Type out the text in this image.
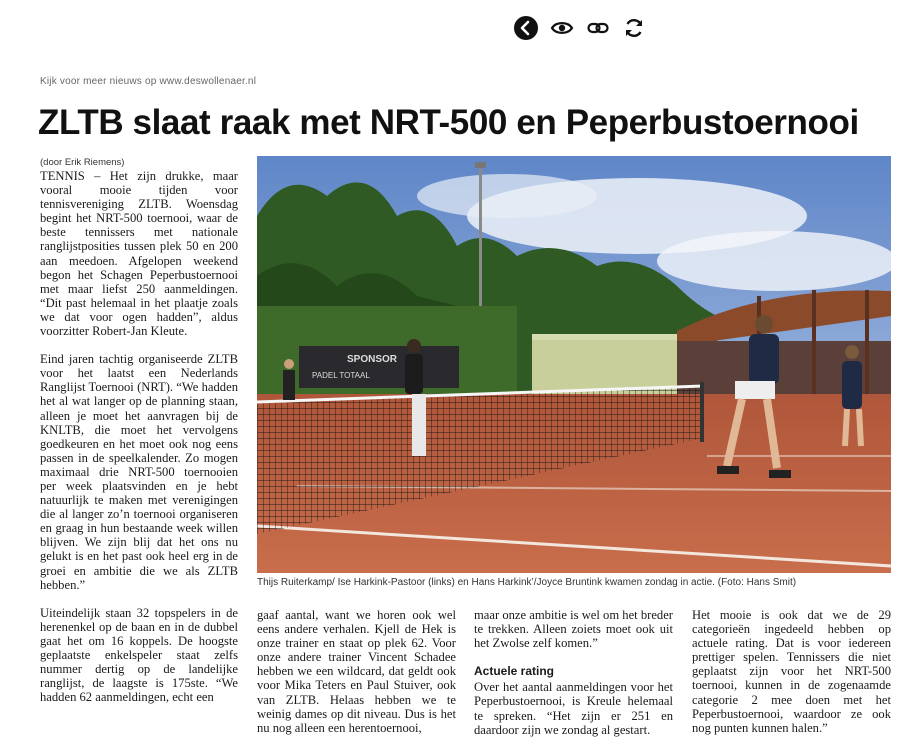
Kijk voor meer nieuws op www.deswollenaer.nl
ZLTB slaat raak met NRT-500 en Peperbustoernooi
(door Erik Riemens)

TENNIS – Het zijn drukke, maar vooral mooie tijden voor tennisvereniging ZLTB. Woensdag begint het NRT-500 toernooi, waar de beste tennissers met nationale ranglijstposities tussen plek 50 en 200 aan meedoen. Afgelopen weekend begon het Schagen Peperbustoernooi met maar liefst 250 aanmeldingen. “Dit past helemaal in het plaatje zoals we dat voor ogen hadden”, aldus voorzitter Robert-Jan Kleute.

Eind jaren tachtig organiseerde ZLTB voor het laatst een Nederlands Ranglijst Toernooi (NRT). “We hadden het al wat langer op de planning staan, alleen je moet het aanvragen bij de KNLTB, die moet het vervolgens goedkeuren en het moet ook nog eens passen in de speelkalender. Zo mogen maximaal drie NRT-500 toernooien per week plaatsvinden en je hebt natuurlijk te maken met verenigingen die al langer zo’n toernooi organiseren en graag in hun bestaande week willen blijven. We zijn blij dat het ons nu gelukt is en het past ook heel erg in de groei en ambitie die we als ZLTB hebben.”

Uiteindelijk staan 32 topspelers in de herenenkel op de baan en in de dubbel gaat het om 16 koppels. De hoogste geplaatste enkelspeler staat zelfs nummer dertig op de landelijke ranglijst, de laagste is 175ste. “We hadden 62 aanmeldingen, echt een

SPONSOR
PADEL TOTAAL
Thijs Ruiterkamp/ Ise Harkink-Pastoor (links) en Hans Harkink’/Joyce Bruntink kwamen zondag in actie. (Foto: Hans Smit)

gaaf aantal, want we horen ook wel eens andere verhalen. Kjell de Hek is onze trainer en staat op plek 62. Voor onze andere trainer Vincent Schadee hebben we een wildcard, dat geldt ook voor Mika Teters en Paul Stuiver, ook van ZLTB. Helaas hebben we te weinig dames op dit niveau. Dus is het nu nog alleen een herentoernooi,

maar onze ambitie is wel om het breder te trekken. Alleen zoiets moet ook uit het Zwolse zelf komen.”

Actuele rating

Over het aantal aanmeldingen voor het Peperbustoernooi, is Kreule helemaal te spreken. “Het zijn er 251 en daardoor zijn we zondag al gestart.

Het mooie is ook dat we de 29 categorieën ingedeeld hebben op actuele rating. Dat is voor iedereen prettiger spelen. Tennissers die niet geplaatst zijn voor het NRT-500 toernooi, kunnen in de zogenaamde categorie 2 mee doen met het Peperbustoernooi, waardoor ze ook nog punten kunnen halen.”
